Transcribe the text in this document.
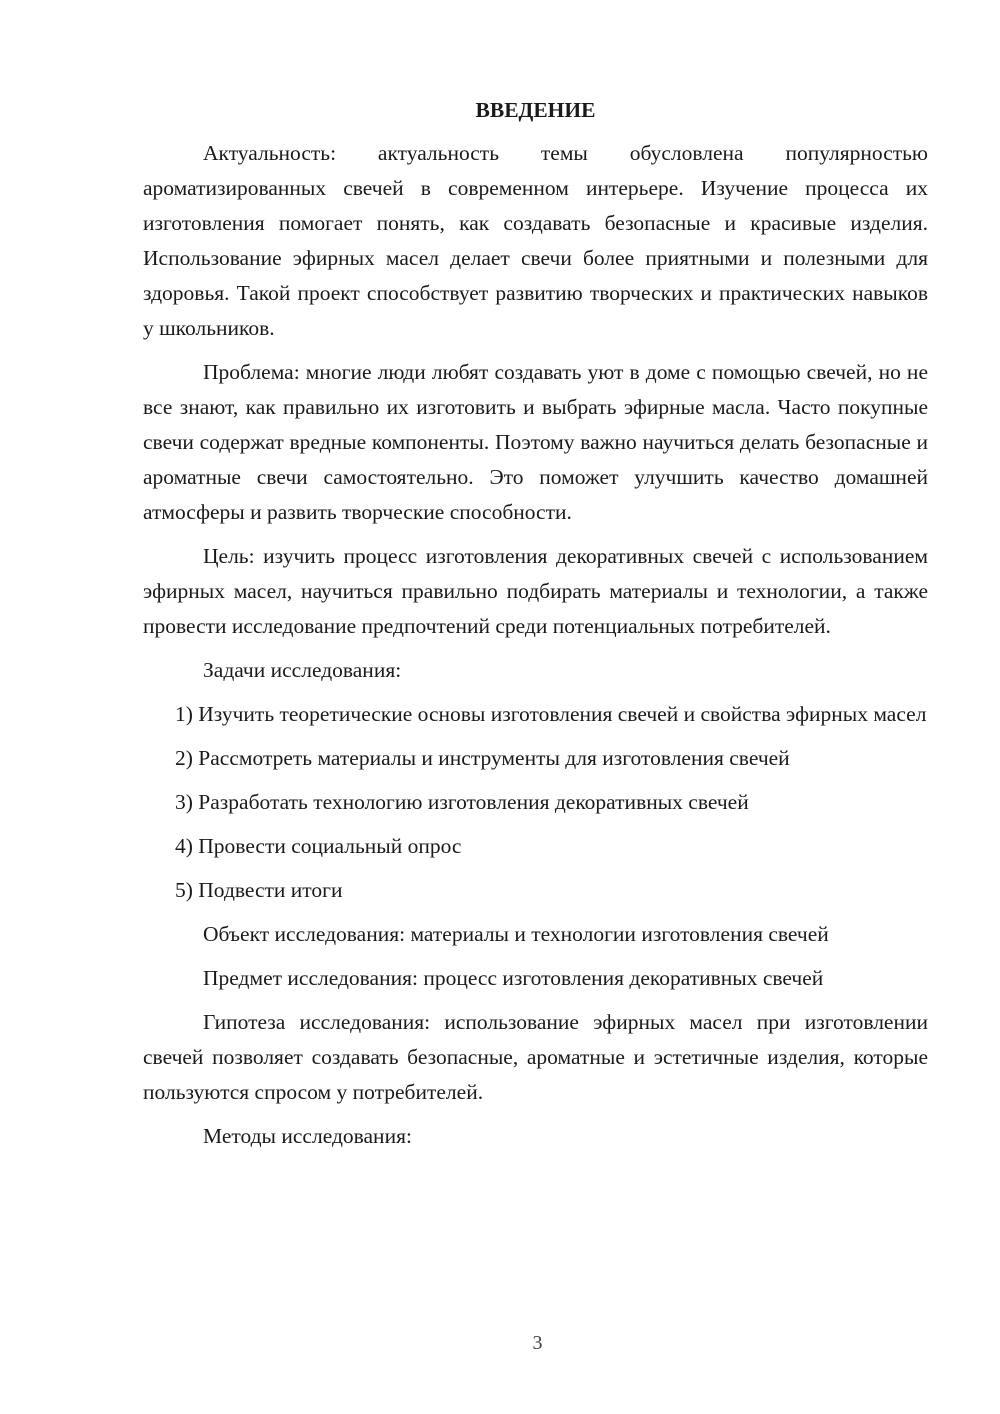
ВВЕДЕНИЕ

Актуальность: актуальность темы обусловлена популярностью ароматизированных свечей в современном интерьере. Изучение процесса их изготовления помогает понять, как создавать безопасные и красивые изделия. Использование эфирных масел делает свечи более приятными и полезными для здоровья. Такой проект способствует развитию творческих и практических навыков у школьников.

Проблема: многие люди любят создавать уют в доме с помощью свечей, но не все знают, как правильно их изготовить и выбрать эфирные масла. Часто покупные свечи содержат вредные компоненты. Поэтому важно научиться делать безопасные и ароматные свечи самостоятельно. Это поможет улучшить качество домашней атмосферы и развить творческие способности.

Цель: изучить процесс изготовления декоративных свечей с использованием эфирных масел, научиться правильно подбирать материалы и технологии, а также провести исследование предпочтений среди потенциальных потребителей.

Задачи исследования:

1) Изучить теоретические основы изготовления свечей и свойства эфирных масел

2) Рассмотреть материалы и инструменты для изготовления свечей

3) Разработать технологию изготовления декоративных свечей

4) Провести социальный опрос

5) Подвести итоги

Объект исследования: материалы и технологии изготовления свечей

Предмет исследования: процесс изготовления декоративных свечей

Гипотеза исследования: использование эфирных масел при изготовлении свечей позволяет создавать безопасные, ароматные и эстетичные изделия, которые пользуются спросом у потребителей.

Методы исследования:

3
